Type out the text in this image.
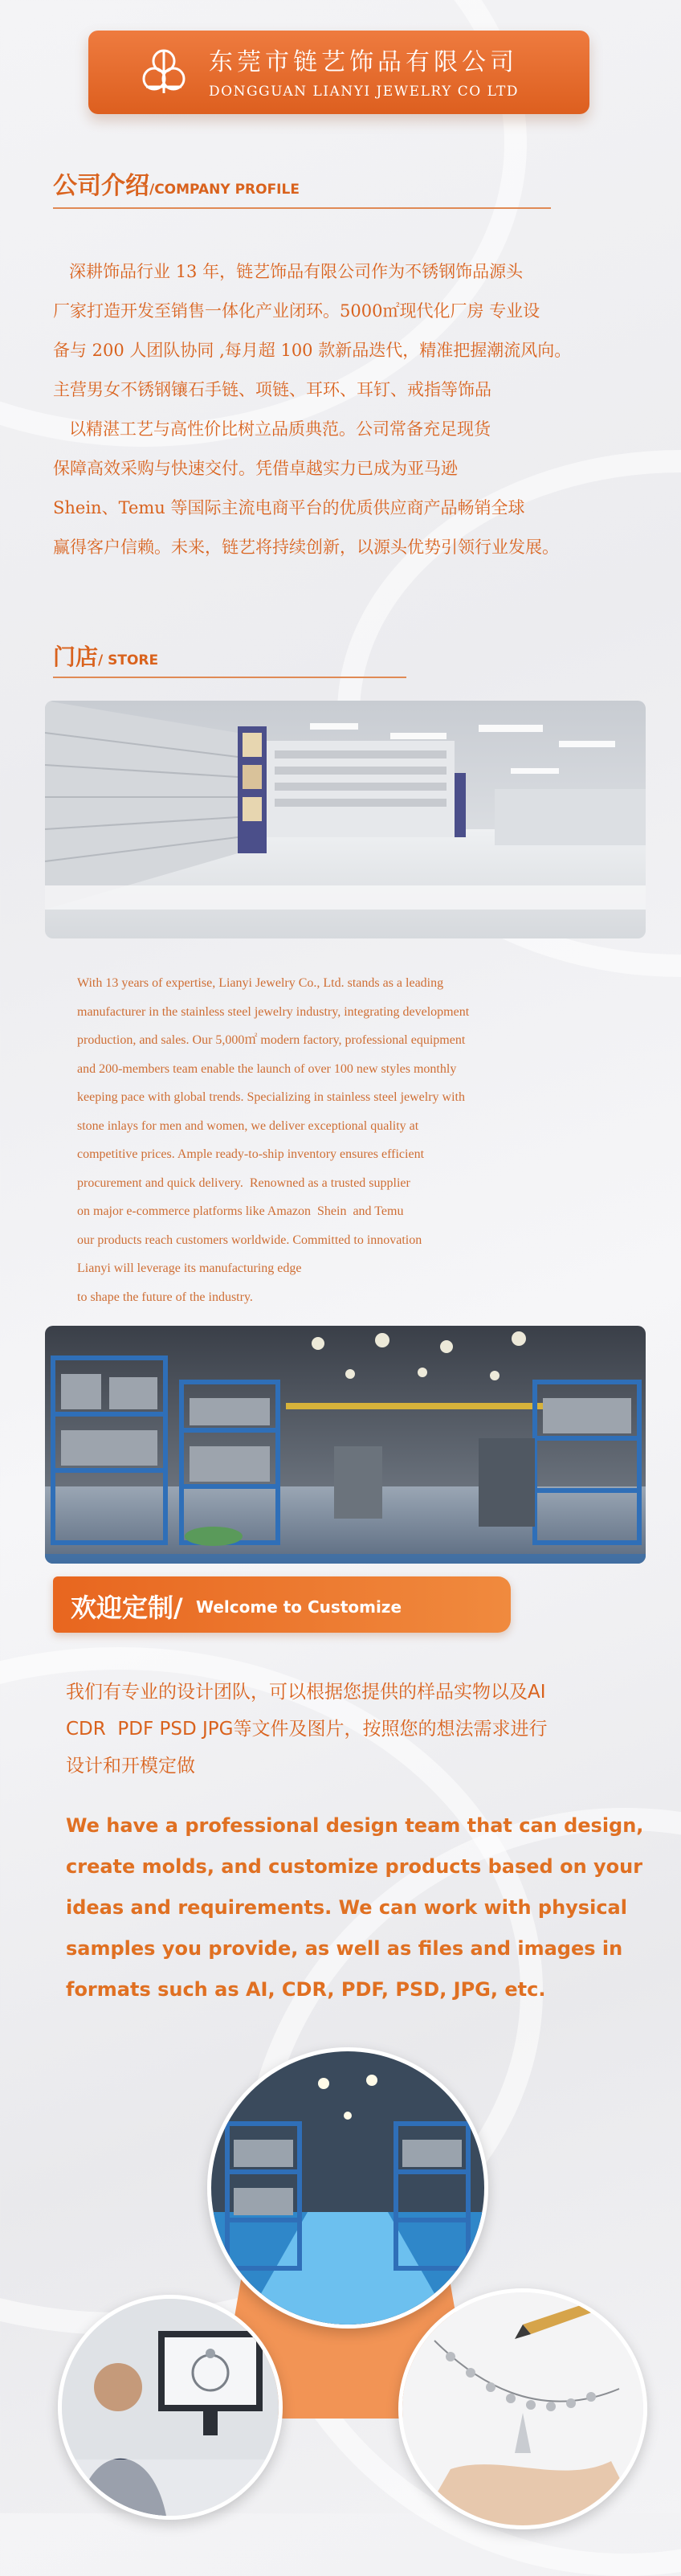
东莞市链艺饰品有限公司
DONGGUAN LIANYI JEWELRY CO LTD
公司介绍/COMPANY PROFILE
深耕饰品行业 13 年，链艺饰品有限公司作为不锈钢饰品源头
厂家打造开发至销售一体化产业闭环。5000㎡现代化厂房 专业设
备与 200 人团队协同 ,每月超 100 款新品迭代，精准把握潮流风向。
主营男女不锈钢镶石手链、项链、耳环、耳钉、戒指等饰品
以精湛工艺与高性价比树立品质典范。公司常备充足现货
保障高效采购与快速交付。凭借卓越实力已成为亚马逊
Shein、Temu 等国际主流电商平台的优质供应商产品畅销全球
赢得客户信赖。未来，链艺将持续创新，以源头优势引领行业发展。
门店/ STORE
With 13 years of expertise, Lianyi Jewelry Co., Ltd. stands as a leading
manufacturer in the stainless steel jewelry industry, integrating development
production, and sales. Our 5,000㎡ modern factory, professional equipment
and 200-members team enable the launch of over 100 new styles monthly
keeping pace with global trends. Specializing in stainless steel jewelry with
stone inlays for men and women, we deliver exceptional quality at
competitive prices. Ample ready-to-ship inventory ensures efficient
procurement and quick delivery.  Renowned as a trusted supplier
on major e-commerce platforms like Amazon  Shein  and Temu
our products reach customers worldwide. Committed to innovation
Lianyi will leverage its manufacturing edge
to shape the future of the industry.
欢迎定制/ Welcome to Customize
我们有专业的设计团队，可以根据您提供的样品实物以及AI
CDR  PDF PSD JPG等文件及图片，按照您的想法需求进行
设计和开模定做
We have a professional design team that can design,
create molds, and customize products based on your
ideas and requirements. We can work with physical
samples you provide, as well as files and images in
formats such as AI, CDR, PDF, PSD, JPG, etc.
